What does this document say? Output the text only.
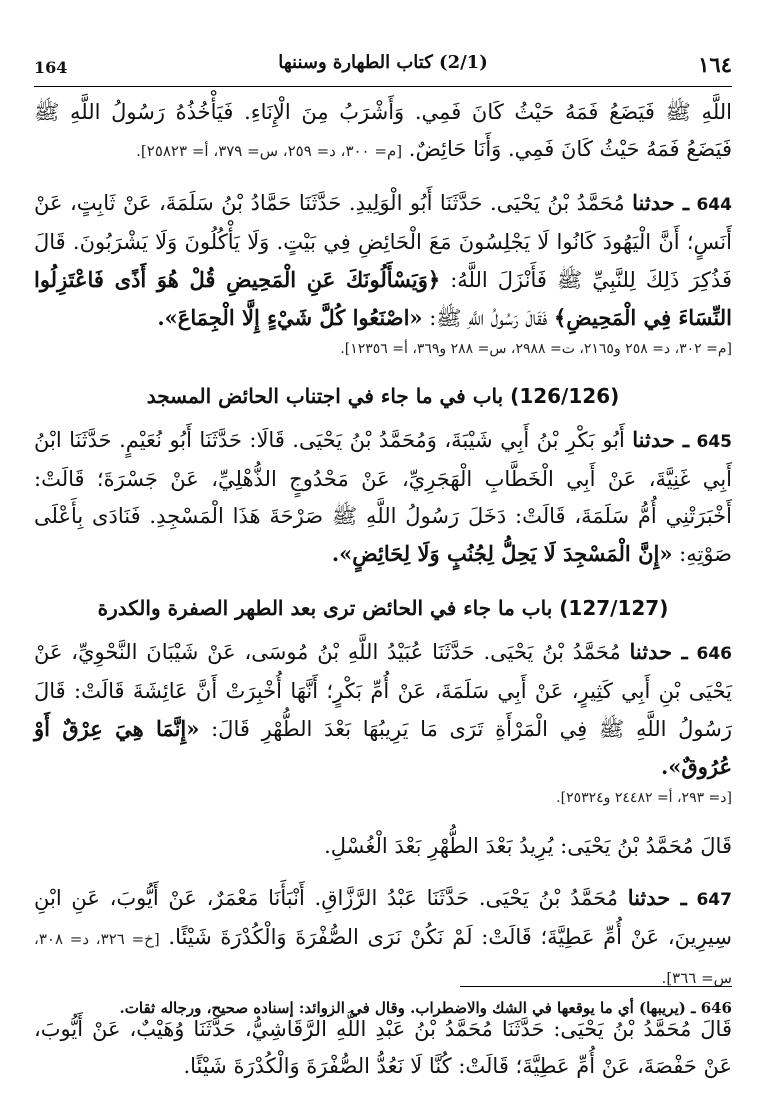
164	(2/1) كتاب الطهارة وسننها	١٦٤

اللَّهِ ﷺ فَيَضَعُ فَمَهُ حَيْثُ كَانَ فَمِي. وَأَشْرَبُ مِنَ الْإِنَاءِ. فَيَأْخُذُهُ رَسُولُ اللَّهِ ﷺ فَيَضَعُ فَمَهُ حَيْثُ كَانَ فَمِي. وَأَنَا حَائِضٌ. [م= ٣٠٠، د= ٢٥٩، س= ٣٧٩، أ= ٢٥٨٢٣].

644 ـ حدثنا مُحَمَّدُ بْنُ يَحْيَى. حَدَّثَنَا أَبُو الْوَلِيدِ. حَدَّثَنَا حَمَّادُ بْنُ سَلَمَةَ، عَنْ ثَابِتٍ، عَنْ أَنَسٍ؛ أَنَّ الْيَهُودَ كَانُوا لَا يَجْلِسُونَ مَعَ الْحَائِضِ فِي بَيْتٍ. وَلَا يَأْكُلُونَ وَلَا يَشْرَبُونَ. قَالَ فَذُكِرَ ذَلِكَ لِلنَّبِيِّ ﷺ فَأَنْزَلَ اللَّهُ: ﴿وَيَسْأَلُونَكَ عَنِ الْمَحِيضِ قُلْ هُوَ أَذًى فَاعْتَزِلُوا النِّسَاءَ فِي الْمَحِيضِ﴾ فَقَالَ رَسُولُ اللَّهِ ﷺ: «اصْنَعُوا كُلَّ شَيْءٍ إِلَّا الْجِمَاعَ».

[م= ٣٠٢، د= ٢٥٨ و٢١٦٥، ت= ٢٩٨٨، س= ٢٨٨ و٣٦٩، أ= ١٢٣٥٦].

(126/126) باب في ما جاء في اجتناب الحائض المسجد

645 ـ حدثنا أَبُو بَكْرِ بْنُ أَبِي شَيْبَةَ، وَمُحَمَّدُ بْنُ يَحْيَى. قَالَا: حَدَّثَنَا أَبُو نُعَيْمٍ. حَدَّثَنَا ابْنُ أَبِي غَنِيَّةَ، عَنْ أَبِي الْخَطَّابِ الْهَجَرِيِّ، عَنْ مَحْدُوجٍ الذُّهْلِيِّ، عَنْ جَسْرَةَ؛ قَالَتْ: أَخْبَرَتْنِي أُمُّ سَلَمَةَ، قَالَتْ: دَخَلَ رَسُولُ اللَّهِ ﷺ صَرْحَةَ هَذَا الْمَسْجِدِ. فَنَادَى بِأَعْلَى صَوْتِهِ: «إِنَّ الْمَسْجِدَ لَا يَحِلُّ لِجُنُبٍ وَلَا لِحَائِضٍ».

(127/127) باب ما جاء في الحائض ترى بعد الطهر الصفرة والكدرة

646 ـ حدثنا مُحَمَّدُ بْنُ يَحْيَى. حَدَّثَنَا عُبَيْدُ اللَّهِ بْنُ مُوسَى، عَنْ شَيْبَانَ النَّحْوِيِّ، عَنْ يَحْيَى بْنِ أَبِي كَثِيرٍ، عَنْ أَبِي سَلَمَةَ، عَنْ أُمِّ بَكْرٍ؛ أَنَّهَا أُخْبِرَتْ أَنَّ عَائِشَةَ قَالَتْ: قَالَ رَسُولُ اللَّهِ ﷺ فِي الْمَرْأَةِ تَرَى مَا يَرِيبُهَا بَعْدَ الطُّهْرِ قَالَ: «إِنَّمَا هِيَ عِرْقٌ أَوْ عُرُوقٌ».

[د= ٢٩٣، أ= ٢٤٤٨٢ و٢٥٣٢٤].

قَالَ مُحَمَّدُ بْنُ يَحْيَى: يُرِيدُ بَعْدَ الطُّهْرِ بَعْدَ الْغُسْلِ.

647 ـ حدثنا مُحَمَّدُ بْنُ يَحْيَى. حَدَّثَنَا عَبْدُ الرَّزَّاقِ. أَنْبَأَنَا مَعْمَرٌ، عَنْ أَيُّوبَ، عَنِ ابْنِ سِيرِينَ، عَنْ أُمِّ عَطِيَّةَ؛ قَالَتْ: لَمْ نَكُنْ نَرَى الصُّفْرَةَ وَالْكُدْرَةَ شَيْئًا. [خ= ٣٢٦، د= ٣٠٨، س= ٣٦٦].

قَالَ مُحَمَّدُ بْنُ يَحْيَى: حَدَّثَنَا مُحَمَّدُ بْنُ عَبْدِ اللَّهِ الرَّقَاشِيُّ، حَدَّثَنَا وُهَيْبٌ، عَنْ أَيُّوبَ، عَنْ حَفْصَةَ، عَنْ أُمِّ عَطِيَّةَ؛ قَالَتْ: كُنَّا لَا نَعُدُّ الصُّفْرَةَ وَالْكُدْرَةَ شَيْئًا.

646 ـ (يريبها) أي ما يوقعها في الشك والاضطراب. وقال في الزوائد: إسناده صحيح، ورجاله ثقات.
